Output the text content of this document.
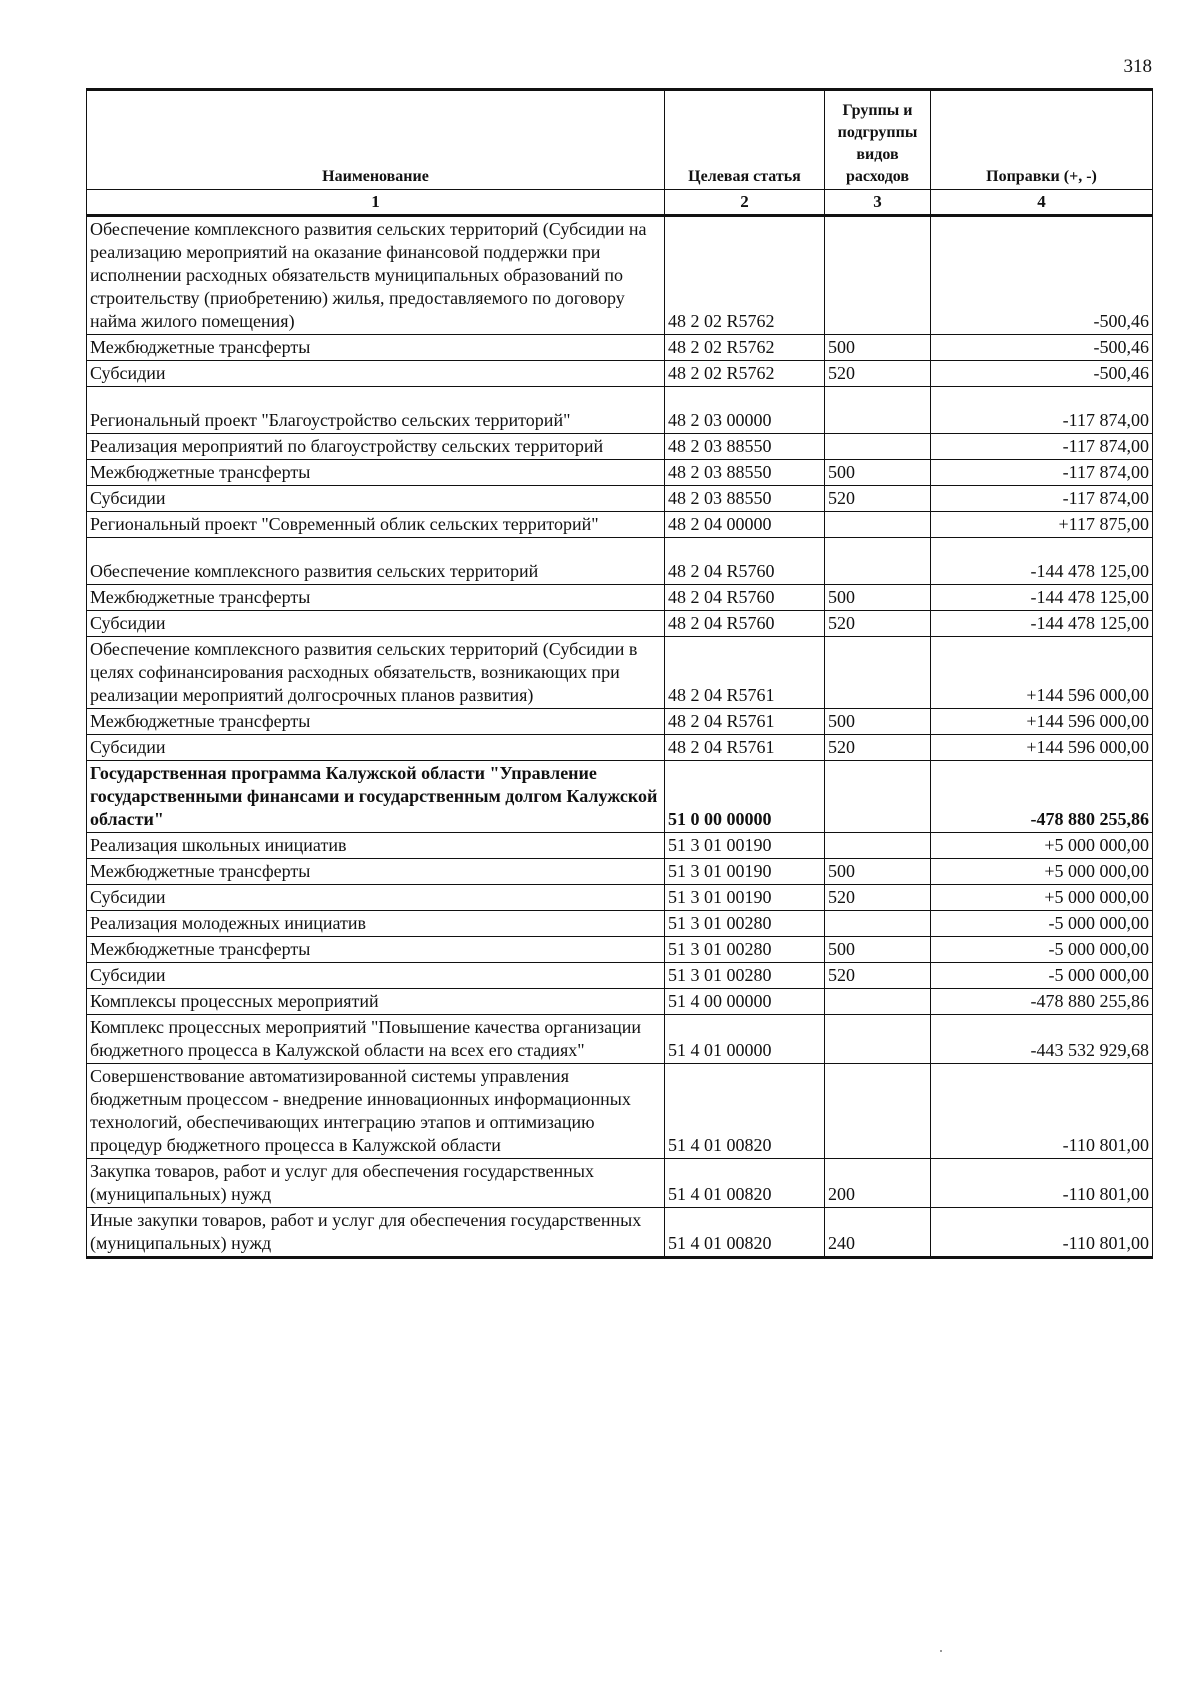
318
Наименование	Целевая статья	Группы и подгруппы видов расходов	Поправки (+, -)
1	2	3	4
Обеспечение комплексного развития сельских территорий (Субсидии на реализацию мероприятий на оказание финансовой поддержки при исполнении расходных обязательств муниципальных образований по строительству (приобретению) жилья, предоставляемого по договору найма жилого помещения)	48 2 02 R5762		-500,46
Межбюджетные трансферты	48 2 02 R5762	500	-500,46
Субсидии	48 2 02 R5762	520	-500,46
Региональный проект "Благоустройство сельских территорий"	48 2 03 00000		-117 874,00
Реализация мероприятий по благоустройству сельских территорий	48 2 03 88550		-117 874,00
Межбюджетные трансферты	48 2 03 88550	500	-117 874,00
Субсидии	48 2 03 88550	520	-117 874,00
Региональный проект "Современный облик сельских территорий"	48 2 04 00000		+117 875,00
Обеспечение комплексного развития сельских территорий	48 2 04 R5760		-144 478 125,00
Межбюджетные трансферты	48 2 04 R5760	500	-144 478 125,00
Субсидии	48 2 04 R5760	520	-144 478 125,00
Обеспечение комплексного развития сельских территорий (Субсидии в целях софинансирования расходных обязательств, возникающих при реализации мероприятий долгосрочных планов развития)	48 2 04 R5761		+144 596 000,00
Межбюджетные трансферты	48 2 04 R5761	500	+144 596 000,00
Субсидии	48 2 04 R5761	520	+144 596 000,00
Государственная программа Калужской области "Управление государственными финансами и государственным долгом Калужской области"	51 0 00 00000		-478 880 255,86
Реализация школьных инициатив	51 3 01 00190		+5 000 000,00
Межбюджетные трансферты	51 3 01 00190	500	+5 000 000,00
Субсидии	51 3 01 00190	520	+5 000 000,00
Реализация молодежных инициатив	51 3 01 00280		-5 000 000,00
Межбюджетные трансферты	51 3 01 00280	500	-5 000 000,00
Субсидии	51 3 01 00280	520	-5 000 000,00
Комплексы процессных мероприятий	51 4 00 00000		-478 880 255,86
Комплекс процессных мероприятий "Повышение качества организации бюджетного процесса в Калужской области на всех его стадиях"	51 4 01 00000		-443 532 929,68
Совершенствование автоматизированной системы управления бюджетным процессом - внедрение инновационных информационных технологий, обеспечивающих интеграцию этапов и оптимизацию процедур бюджетного процесса в Калужской области	51 4 01 00820		-110 801,00
Закупка товаров, работ и услуг для обеспечения государственных (муниципальных) нужд	51 4 01 00820	200	-110 801,00
Иные закупки товаров, работ и услуг для обеспечения государственных (муниципальных) нужд	51 4 01 00820	240	-110 801,00
